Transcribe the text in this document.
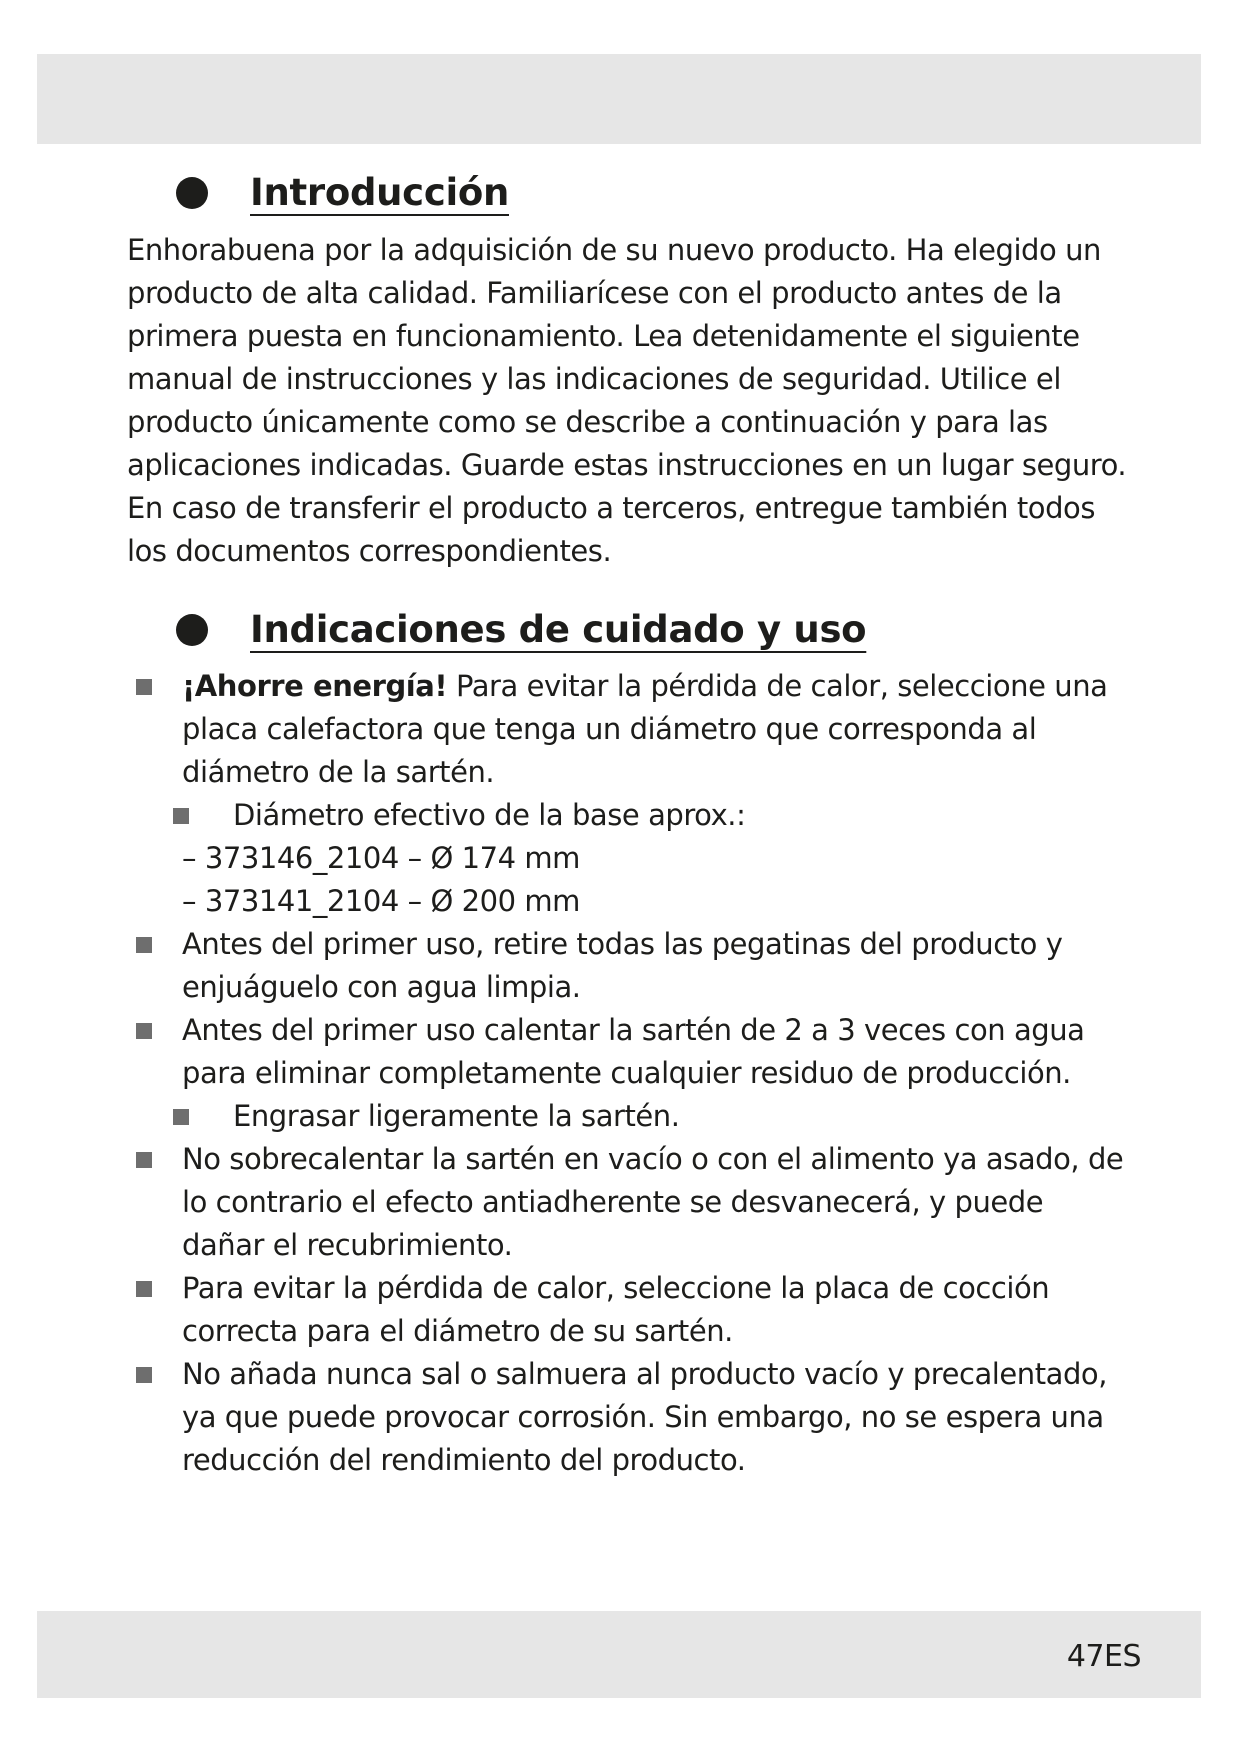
Introducción
Enhorabuena por la adquisición de su nuevo producto. Ha elegido un producto de alta calidad. Familiarícese con el producto antes de la primera puesta en funcionamiento. Lea detenidamente el siguiente manual de instrucciones y las indicaciones de seguridad. Utilice el producto únicamente como se describe a continuación y para las aplicaciones indicadas. Guarde estas instrucciones en un lugar seguro. En caso de transferir el producto a terceros, entregue también todos los documentos correspondientes.
Indicaciones de cuidado y uso
¡Ahorre energía! Para evitar la pérdida de calor, seleccione una placa calefactora que tenga un diámetro que corresponda al diámetro de la sartén.
Diámetro efectivo de la base aprox.:
– 373146_2104 – Ø 174 mm
– 373141_2104 – Ø 200 mm
Antes del primer uso, retire todas las pegatinas del producto y enjuáguelo con agua limpia.
Antes del primer uso calentar la sartén de 2 a 3 veces con agua para eliminar completamente cualquier residuo de producción.
Engrasar ligeramente la sartén.
No sobrecalentar la sartén en vacío o con el alimento ya asado, de lo contrario el efecto antiadherente se desvanecerá, y puede dañar el recubrimiento.
Para evitar la pérdida de calor, seleccione la placa de cocción correcta para el diámetro de su sartén.
No añada nunca sal o salmuera al producto vacío y precalentado, ya que puede provocar corrosión. Sin embargo, no se espera una reducción del rendimiento del producto.
47ES
